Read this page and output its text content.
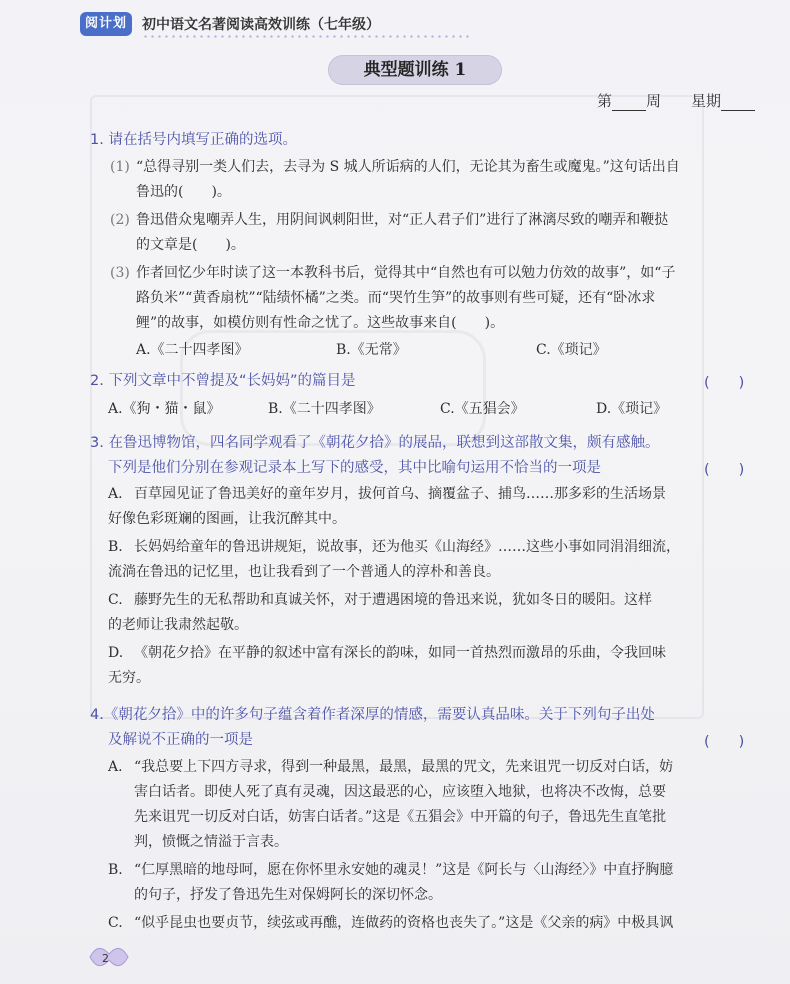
阅计划	初中语文名著阅读高效训练（七年级）
典型题训练 1
第 周 星期
1. 请在括号内填写正确的选项。
(1) “总得寻别一类人们去，去寻为 S 城人所诟病的人们，无论其为畜生或魔鬼。”这句话出自
鲁迅的(　　)。
(2) 鲁迅借众鬼嘲弄人生，用阴间讽刺阳世，对“正人君子们”进行了淋漓尽致的嘲弄和鞭挞
的文章是(　　)。
(3) 作者回忆少年时读了这一本教科书后，觉得其中“自然也有可以勉力仿效的故事”，如“子
路负米”“黄香扇枕”“陆绩怀橘”之类。而“哭竹生笋”的故事则有些可疑，还有“卧冰求
鲤”的故事，如模仿则有性命之忧了。这些故事来自(　　)。
A.《二十四孝图》	B.《无常》	C.《琐记》
2. 下列文章中不曾提及“长妈妈”的篇目是	(　　)
A.《狗・猫・鼠》	B.《二十四孝图》	C.《五猖会》	D.《琐记》
3. 在鲁迅博物馆，四名同学观看了《朝花夕拾》的展品，联想到这部散文集，颇有感触。
下列是他们分别在参观记录本上写下的感受，其中比喻句运用不恰当的一项是	(　　)
A. 百草园见证了鲁迅美好的童年岁月，拔何首乌、摘覆盆子、捕鸟……那多彩的生活场景
好像色彩斑斓的图画，让我沉醉其中。
B. 长妈妈给童年的鲁迅讲规矩，说故事，还为他买《山海经》……这些小事如同涓涓细流，
流淌在鲁迅的记忆里，也让我看到了一个普通人的淳朴和善良。
C. 藤野先生的无私帮助和真诚关怀，对于遭遇困境的鲁迅来说，犹如冬日的暖阳。这样
的老师让我肃然起敬。
D. 《朝花夕拾》在平静的叙述中富有深长的韵味，如同一首热烈而激昂的乐曲，令我回味
无穷。
4.《朝花夕拾》中的许多句子蕴含着作者深厚的情感，需要认真品味。关于下列句子出处
及解说不正确的一项是	(　　)
A. “我总要上下四方寻求，得到一种最黑，最黑，最黑的咒文，先来诅咒一切反对白话，妨
害白话者。即使人死了真有灵魂，因这最恶的心，应该堕入地狱，也将决不改悔，总要
先来诅咒一切反对白话，妨害白话者。”这是《五猖会》中开篇的句子，鲁迅先生直笔批
判，愤慨之情溢于言表。
B. “仁厚黑暗的地母呵，愿在你怀里永安她的魂灵！”这是《阿长与〈山海经〉》中直抒胸臆
的句子，抒发了鲁迅先生对保姆阿长的深切怀念。
C. “似乎昆虫也要贞节，续弦或再醮，连做药的资格也丧失了。”这是《父亲的病》中极具讽
2
